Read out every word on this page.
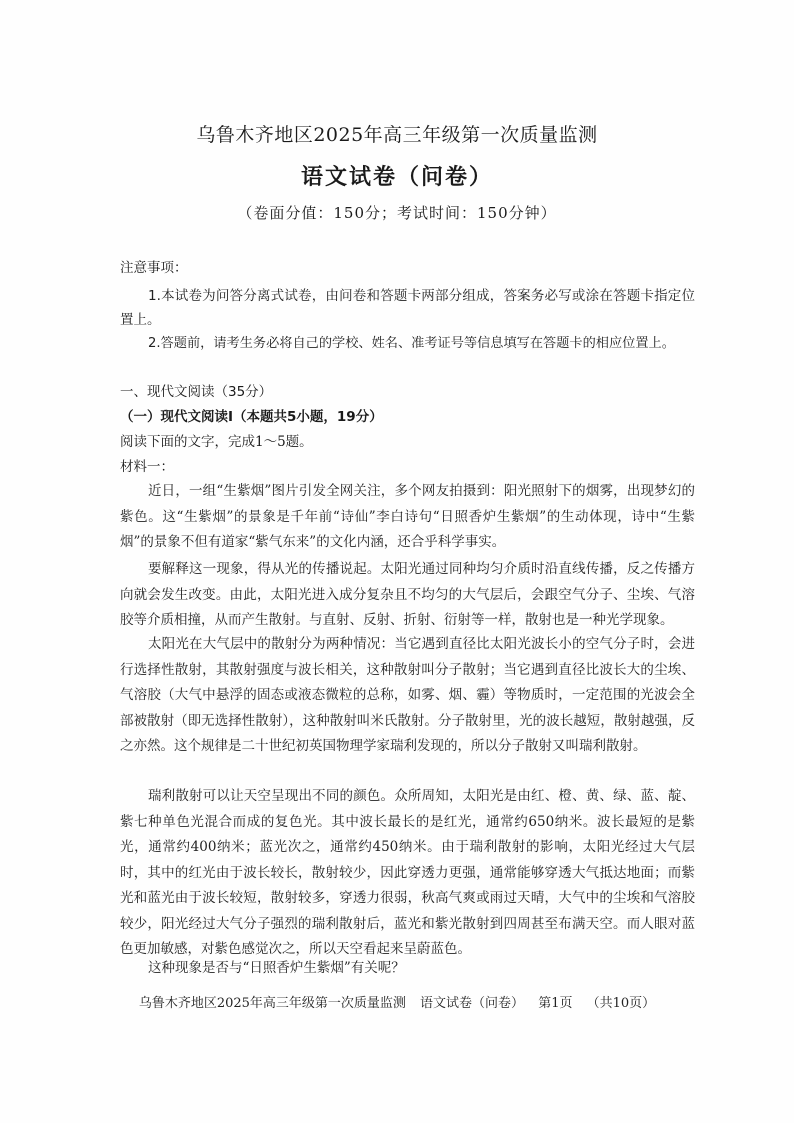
乌鲁木齐地区2025年高三年级第一次质量监测
语文试卷（问卷）
（卷面分值：150分；考试时间：150分钟）
注意事项：
1.本试卷为问答分离式试卷，由问卷和答题卡两部分组成，答案务必写或涂在答题卡指定位置上。
2.答题前，请考生务必将自己的学校、姓名、准考证号等信息填写在答题卡的相应位置上。
一、现代文阅读（35分）
（一）现代文阅读Ⅰ（本题共5小题，19分）
阅读下面的文字，完成1～5题。
材料一：
近日，一组“生紫烟”图片引发全网关注，多个网友拍摄到：阳光照射下的烟雾，出现梦幻的紫色。这“生紫烟”的景象是千年前“诗仙”李白诗句“日照香炉生紫烟”的生动体现，诗中“生紫烟”的景象不但有道家“紫气东来”的文化内涵，还合乎科学事实。
要解释这一现象，得从光的传播说起。太阳光通过同种均匀介质时沿直线传播，反之传播方向就会发生改变。由此，太阳光进入成分复杂且不均匀的大气层后，会跟空气分子、尘埃、气溶胶等介质相撞，从而产生散射。与直射、反射、折射、衍射等一样，散射也是一种光学现象。
太阳光在大气层中的散射分为两种情况：当它遇到直径比太阳光波长小的空气分子时，会进行选择性散射，其散射强度与波长相关，这种散射叫分子散射；当它遇到直径比波长大的尘埃、气溶胶（大气中悬浮的固态或液态微粒的总称，如雾、烟、霾）等物质时，一定范围的光波会全部被散射（即无选择性散射），这种散射叫米氏散射。分子散射里，光的波长越短，散射越强，反之亦然。这个规律是二十世纪初英国物理学家瑞利发现的，所以分子散射又叫瑞利散射。
瑞利散射可以让天空呈现出不同的颜色。众所周知，太阳光是由红、橙、黄、绿、蓝、靛、紫七种单色光混合而成的复色光。其中波长最长的是红光，通常约650纳米。波长最短的是紫光，通常约400纳米；蓝光次之，通常约450纳米。由于瑞利散射的影响，太阳光经过大气层时，其中的红光由于波长较长，散射较少，因此穿透力更强，通常能够穿透大气抵达地面；而紫光和蓝光由于波长较短，散射较多，穿透力很弱，秋高气爽或雨过天晴，大气中的尘埃和气溶胶较少，阳光经过大气分子强烈的瑞利散射后，蓝光和紫光散射到四周甚至布满天空。而人眼对蓝色更加敏感，对紫色感觉次之，所以天空看起来呈蔚蓝色。
这种现象是否与“日照香炉生紫烟”有关呢？
乌鲁木齐地区2025年高三年级第一次质量监测 语文试卷（问卷） 第1页 （共10页）
